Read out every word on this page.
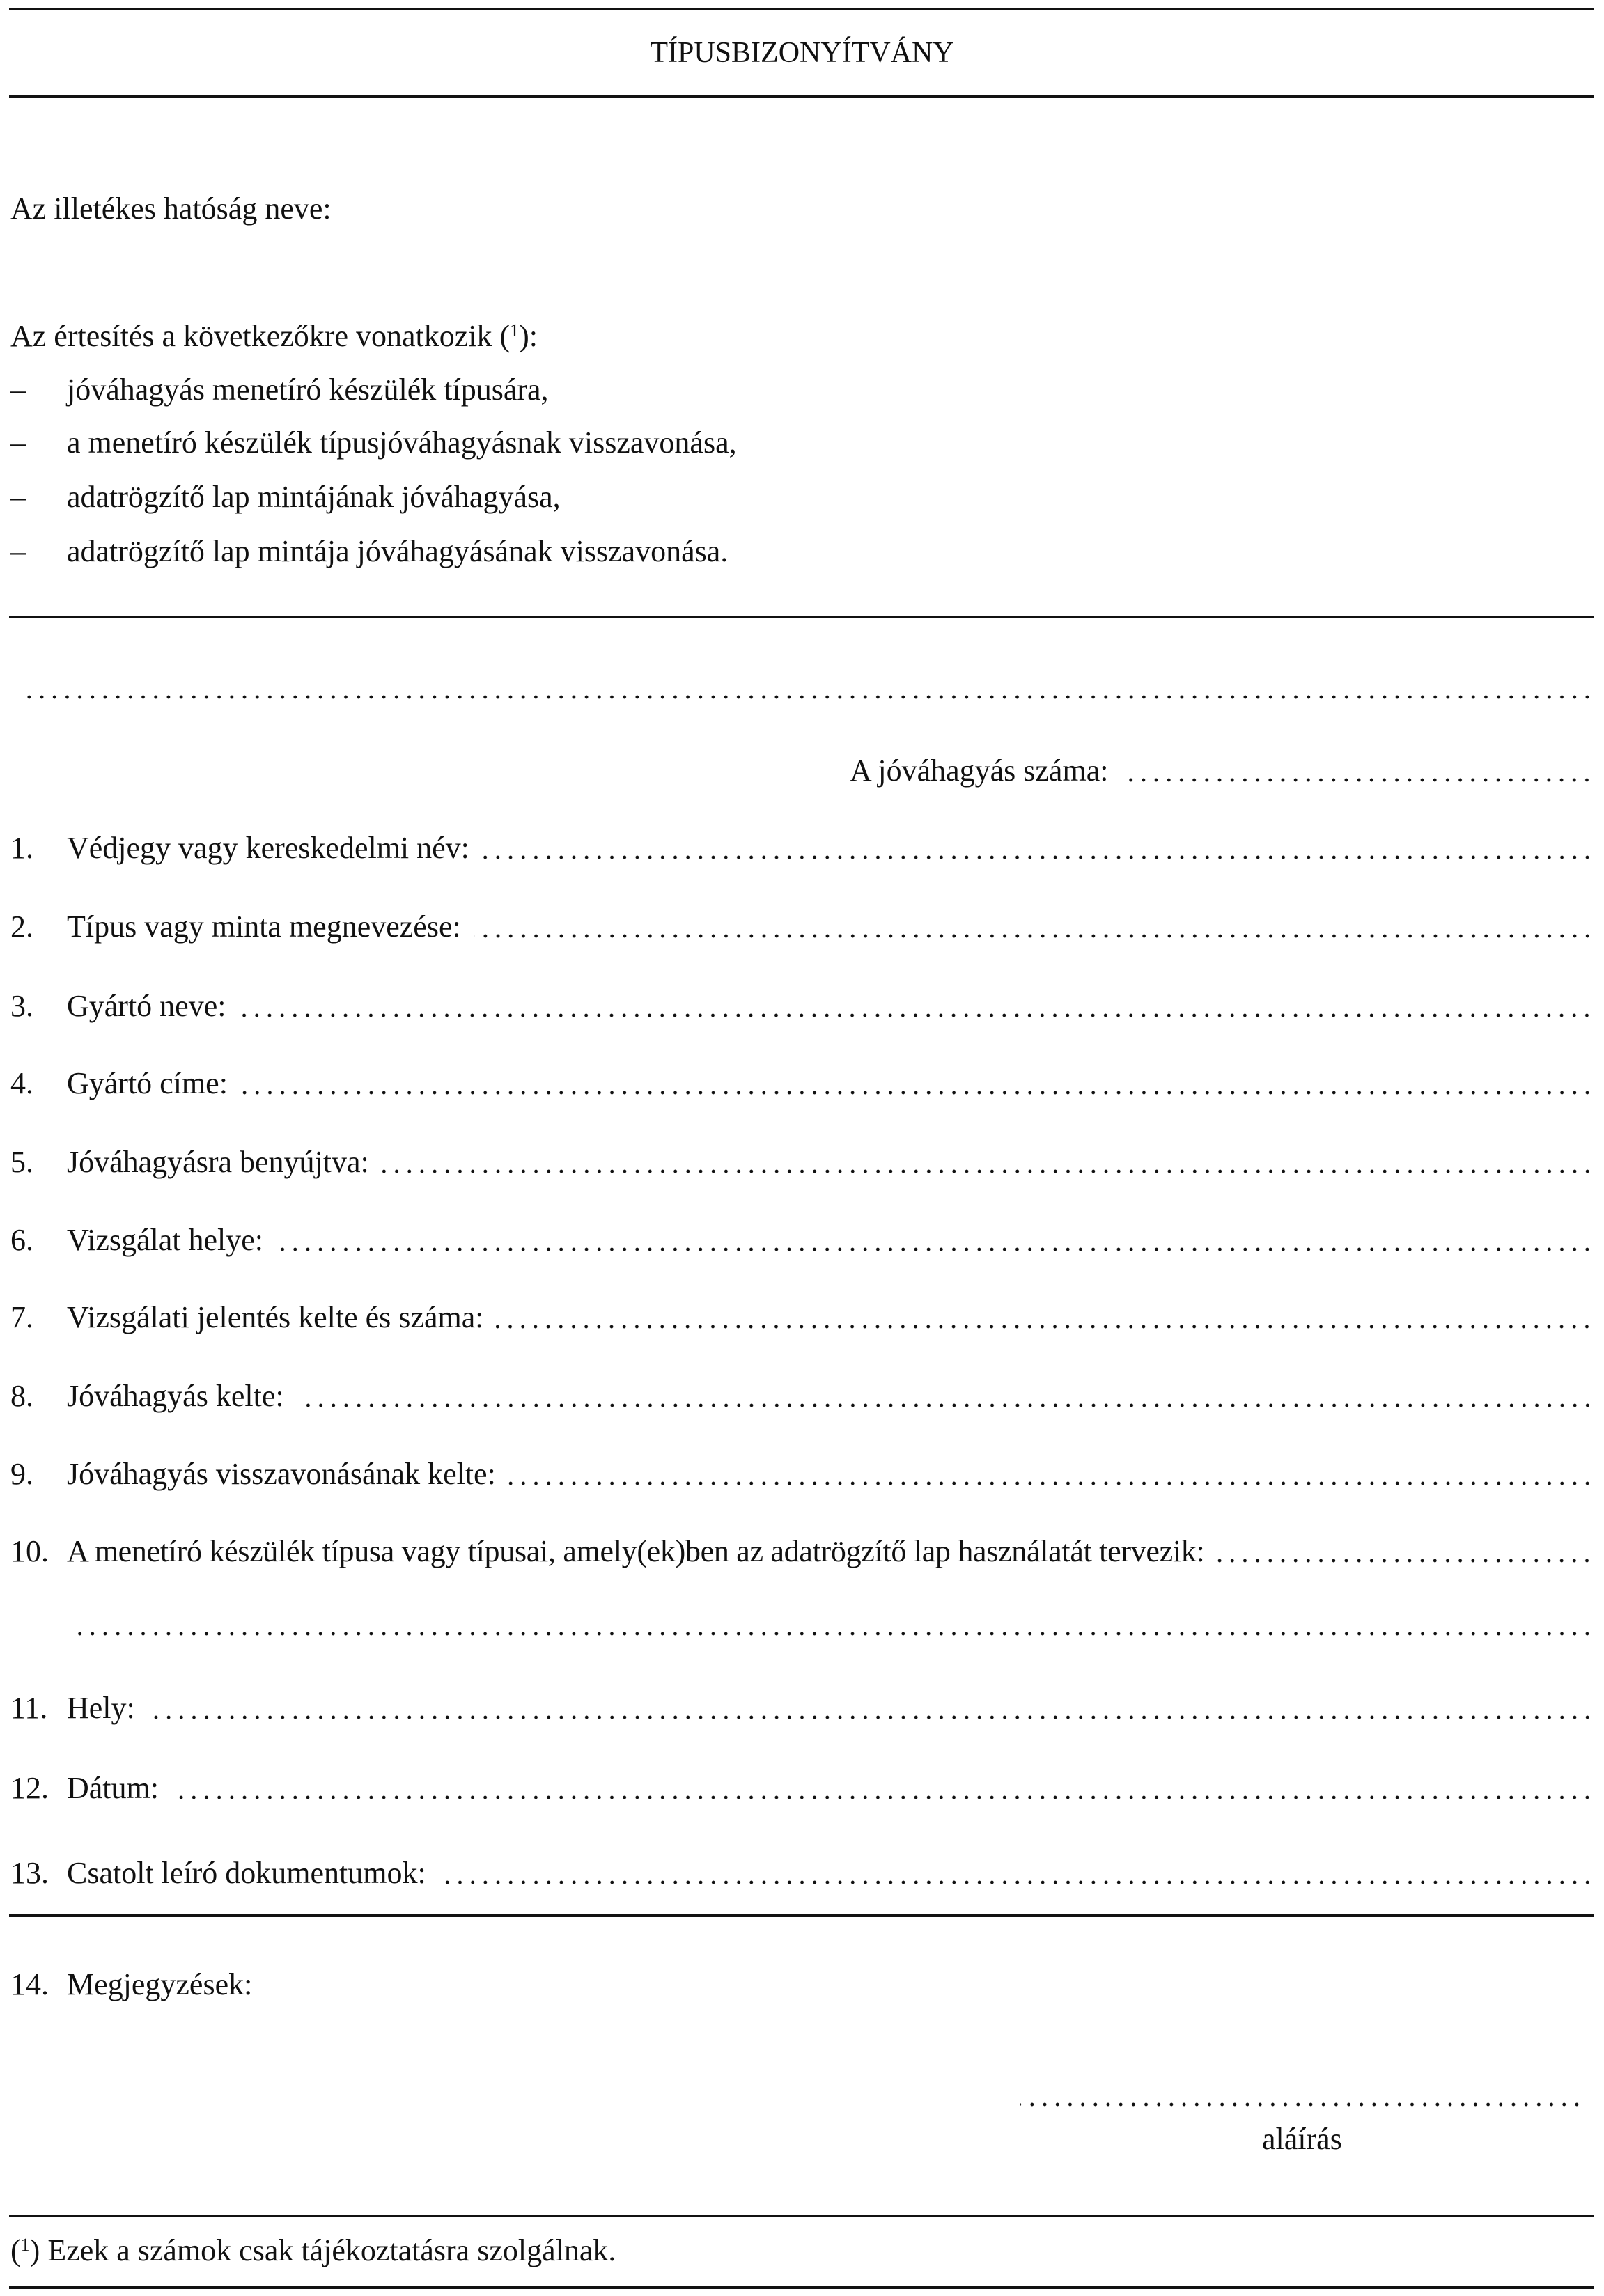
TÍPUSBIZONYÍTVÁNY
Az illetékes hatóság neve:
Az értesítés a következőkre vonatkozik ($^1$):
– jóváhagyás menetíró készülék típusára,
– a menetíró készülék típusjóváhagyásnak visszavonása,
– adatrögzítő lap mintájának jóváhagyása,
– adatrögzítő lap mintája jóváhagyásának visszavonása.
A jóváhagyás száma:
1.	Védjegy vagy kereskedelmi név:
2.	Típus vagy minta megnevezése:
3.	Gyártó neve:
4.	Gyártó címe:
5.	Jóváhagyásra benyújtva:
6.	Vizsgálat helye:
7.	Vizsgálati jelentés kelte és száma:
8.	Jóváhagyás kelte:
9.	Jóváhagyás visszavonásának kelte:
10. A menetíró készülék típusa vagy típusai, amely(ek)ben az adatrögzítő lap használatát tervezik:
11. Hely:
12. Dátum:
13. Csatolt leíró dokumentumok:
14. Megjegyzések:
aláírás
($^1$) Ezek a számok csak tájékoztatásra szolgálnak.
